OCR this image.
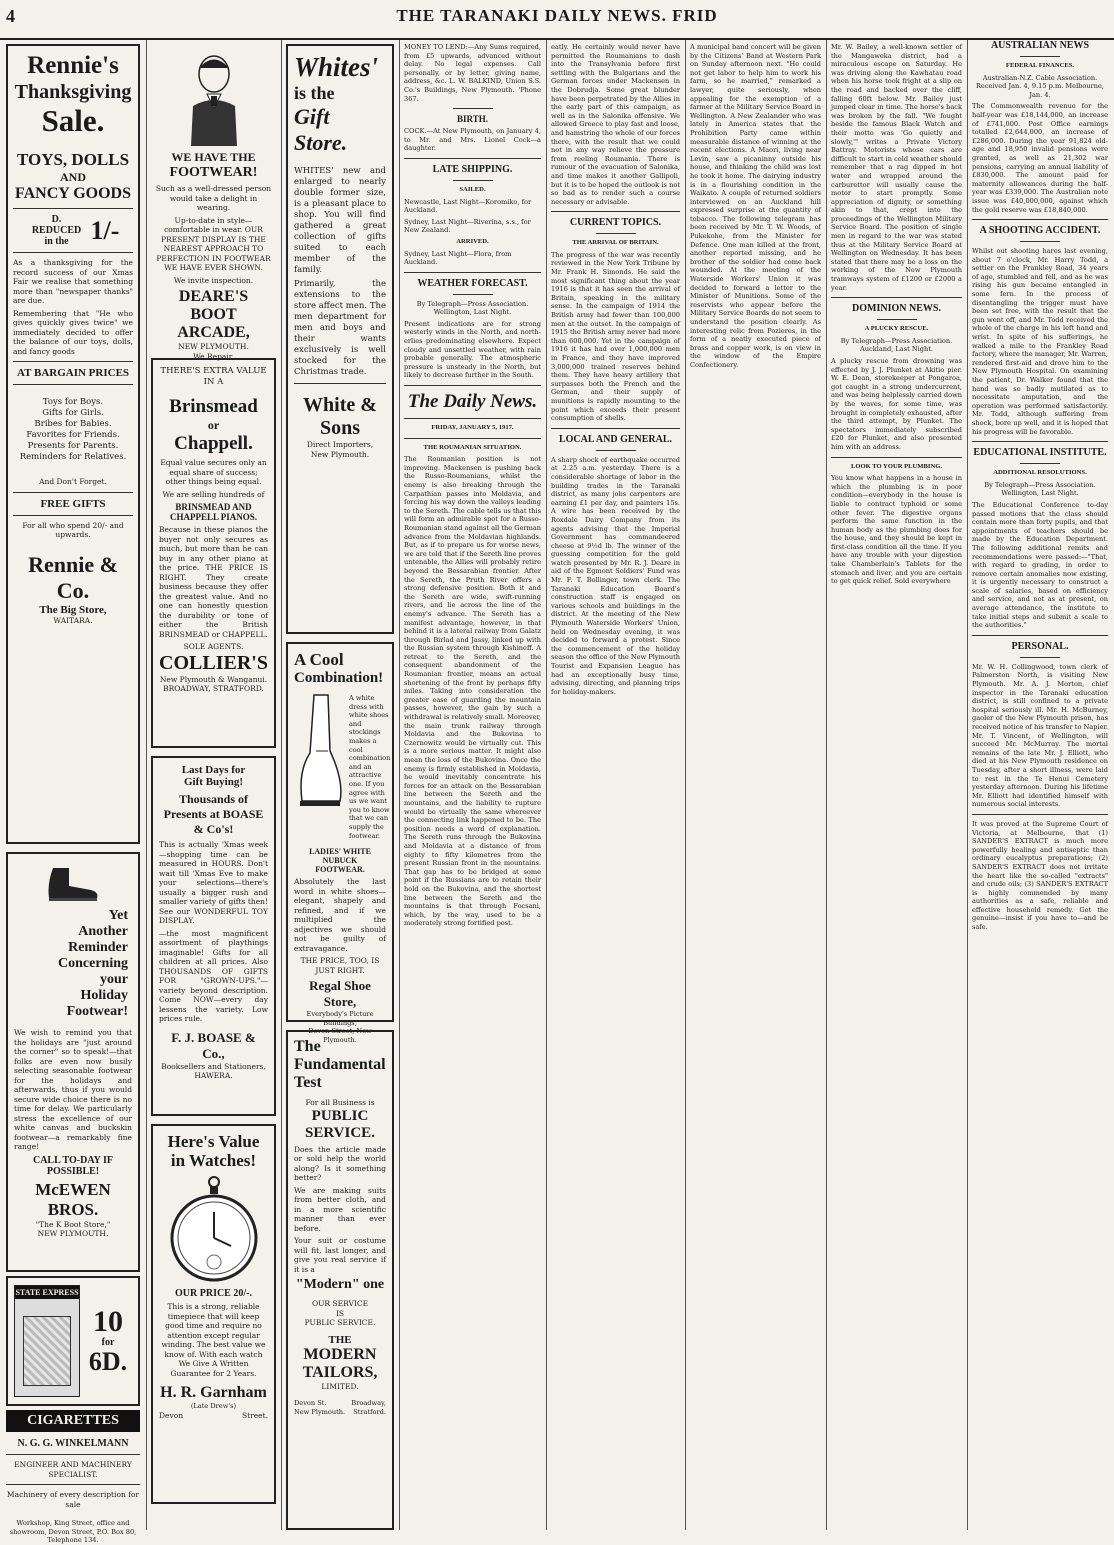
4	THE TARANAKI DAILY NEWS. FRID
Rennie's
Thanksgiving
Sale.
TOYS, DOLLS
AND
FANCY GOODS
D. REDUCED in the 1/-

As a thanksgiving for the record success of our Xmas Fair we realise that something more than "newspaper thanks" are due.

Remembering that "He who gives quickly gives twice" we immediately decided to offer the balance of our toys, dolls, and fancy goods

AT BARGAIN PRICES
Toys for Boys.
Gifts for Girls.
Bribes for Babies.
Favorites for Friends.
Presents for Parents.
Reminders for Relatives.
And Don't Forget.
FREE GIFTS

For all who spend 20/- and upwards.

Rennie & Co.
The Big Store,
WAITARA.
Yet
Another
Reminder
Concerning
your
Holiday
Footwear!

We wish to remind you that the holidays are "just around the corner" so to speak!—that folks are even now busily selecting seasonable footwear for the holidays and afterwards, thus if you would secure wide choice there is no time for delay. We particularly stress the excellence of our white canvas and buckskin footwear—a remarkably fine range!

CALL TO-DAY IF POSSIBLE!

McEWEN BROS.
"The K Boot Store,"
NEW PLYMOUTH.
STATE EXPRESS
10
for
6D.
CIGARETTES
N. G. G. WINKELMANN
ENGINEER AND MACHINERY SPECIALIST.

Machinery of every description for sale

Workshop, King Street, office and showroom, Devon Street, P.O. Box 80, Telephone 134.

WE HAVE THE
FOOTWEAR!

Such as a well-dressed person would take a delight in wearing.

Up-to-date in style—comfortable in wear. OUR PRESENT DISPLAY IS THE NEAREST APPROACH TO PERFECTION IN FOOTWEAR WE HAVE EVER SHOWN.

We invite inspection.

DEARE'S
BOOT
ARCADE,
NEW PLYMOUTH.
We Repair.
THERE'S EXTRA VALUE IN A
Brinsmead
or
Chappell.

Equal value secures only an equal share of success; other things being equal.

We are selling hundreds of

BRINSMEAD AND CHAPPELL PIANOS.

Because in these pianos the buyer not only secures as much, but more than he can buy in any other piano at the price. THE PRICE IS RIGHT. They create business because they offer the greatest value. And no one can honestly question the durability or tone of either the British BRINSMEAD or CHAPPELL.

SOLE AGENTS.
COLLIER'S
New Plymouth & Wanganui.
BROADWAY, STRATFORD.
Last Days for
Gift Buying!
Thousands of Presents at BOASE & Co's!

This is actually 'Xmas week—shopping time can be measured in HOURS. Don't wait till 'Xmas Eve to make your selections—there's usually a bigger rush and smaller variety of gifts then! See our WONDERFUL TOY DISPLAY.

—the most magnificent assortment of playthings imaginable! Gifts for all children at all prices. Also THOUSANDS OF GIFTS FOR "GROWN-UPS."—variety beyond description. Come NOW—every day lessens the variety. Low prices rule.

F. J. BOASE & Co.,
Booksellers and Stationers,
HAWERA.
Here's Value
in Watches!
OUR PRICE 20/-.

This is a strong, reliable timepiece that will keep good time and require no attention except regular winding. The best value we know of. With each watch We Give A Written Guarantee for 2 Years.

H. R. Garnham
(Late Drew's)
Devon	Street.
Whites'
is the
Gift Store.

WHITES' new and enlarged to nearly double former size, is a pleasant place to shop. You will find gathered a great collection of gifts suited to each member of the family.

Primarily, the extensions to the store affect men. The men department for men and boys and their wants exclusively is well stocked for the Christmas trade.

White & Sons
Direct Importers,
New Plymouth.
A Cool
Combination!

A white dress with white shoes and stockings makes a cool combination and an attractive one. If you agree with us we want you to know that we can supply the footwear.

LADIES' WHITE NUBUCK
FOOTWEAR.

Absolutely the last word in white shoes—elegant, shapely and refined, and if we multiplied the adjectives we should not be guilty of extravagance.

THE PRICE, TOO, IS JUST RIGHT.

Regal Shoe Store,
Everybody's Picture Buildings,
Devon Street, New Plymouth.
The
Fundamental
Test
For all Business is
PUBLIC SERVICE.

Does the article made or sold help the world along? Is it something better?

We are making suits from better cloth, and in a more scientific manner than ever before.

Your suit or costume will fit, last longer, and give you real service if it is a

"Modern" one
OUR SERVICE
IS
PUBLIC SERVICE.
THE
MODERN
TAILORS,
LIMITED.
Devon St.	Broadway,
New Plymouth. Stratford.

MONEY TO LEND:—Any Sums required, from £5 upwards, advanced without delay. No legal expenses. Call personally, or by letter, giving name, address, &c. L. W. BALKIND, Union S.S. Co.'s Buildings, New Plymouth. 'Phone 367.

BIRTH.

COCK.—At New Plymouth, on January 4, to Mr. and Mrs. Lionel Cock—a daughter.

LATE SHIPPING.
SAILED.

Newcastle, Last Night—Koromiko, for Auckland.

Sydney, Last Night—Riverina, s.s., for New Zealand.

ARRIVED.

Sydney, Last Night—Flora, from Auckland.

WEATHER FORECAST.

By Telegraph—Press Association. Wellington, Last Night.

Present indications are for strong westerly winds in the North, and north-erlies predominating elsewhere. Expect cloudy and unsettled weather, with rain probable generally. The atmospheric pressure is unsteady in the North, but likely to decrease further in the South.

The Daily News.
FRIDAY, JANUARY 5, 1917.
THE ROUMANIAN SITUATION.

The Roumanian position is not improving. Mackensen is pushing back the Russo-Roumanians, whilst the enemy is also breaking through the Carpathian passes into Moldavia, and forcing his way down the valleys leading to the Sereth. The cable tells us that this will form an admirable spot for a Russo-Roumanian stand against all the German advance from the Moldavian highlands. But, as if to prepare us for worse news, we are told that if the Sereth line proves untenable, the Allies will probably retire beyond the Bessarabian frontier. After the Sereth, the Pruth River offers a strong defensive position. Both it and the Sereth are wide, swift-running rivers, and lie across the line of the enemy's advance. The Sereth has a manifest advantage, however, in that behind it is a lateral railway from Galatz through Birlad and Jassy, linked up with the Russian system through Kishineff. A retreat to the Sereth, and the consequent abandonment of the Roumanian frontier, means an actual shortening of the front by perhaps fifty miles. Taking into consideration the greater ease of guarding the mountain passes, however, the gain by such a withdrawal is relatively small. Moreover, the main trunk railway through Moldavia and the Bukovina to Czernowitz would be virtually cut. This is a more serious matter. It might also mean the loss of the Bukovina. Once the enemy is firmly established in Moldavia, he would inevitably concentrate his forces for an attack on the Bessarabian line between the Sereth and the mountains, and the liability to rupture would be virtually the same whereever the connecting link happened to be. The position needs a word of explanation. The Sereth runs through the Bukovina and Moldavia at a distance of from eighty to fifty kilometres from the present Russian front in the mountains. That gap has to be bridged at some point if the Russians are to retain their hold on the Bukovina, and the shortest line between the Sereth and the mountains is that through Focsani, which, by the way, used to be a moderately strong fortified post.

eatly. He certainly would never have permitted the Roumanians to dash into the Transylvania before first settling with the Bulgarians and the German forces under Mackensen in the Dobrudja. Some great blunder have been perpetrated by the Allies in the early part of this campaign, as well as in the Salonika offensive. We allowed Greece to play fast and loose, and hamstring the whole of our forces there, with the result that we could not in any way relieve the pressure from reeling Roumania. There is rumour of the evacuation of Salonika, and time makes it another Gallipoli, but it is to be hoped the outlook is not so bad as to render such a course necessary or advisable.

CURRENT TOPICS.
THE ARRIVAL OF BRITAIN.

The progress of the war was recently reviewed in the New York Tribune by Mr. Frank H. Simonds. He said the most significant thing about the year 1916 is that it has seen the arrival of Britain, speaking in the military sense. In the campaign of 1914 the British army had fewer than 100,000 men at the outset. In the campaign of 1915 the British army never had more than 600,000. Yet in the campaign of 1916 it has had over 1,000,000 men in France, and they have improved 3,000,000 trained reserves behind them. They have heavy artillery that surpasses both the French and the German, and their supply of munitions is rapidly mounting to the point which exceeds their present consumption of shells.

LOCAL AND GENERAL.

A sharp shock of earthquake occurred at 2.25 a.m. yesterday. There is a considerable shortage of labor in the building trades in the Taranaki district, as many jobs carpenters are earning £1 per day, and painters 15s. A wire has been received by the Roxdale Dairy Company from its agents advising that the Imperial Government has commandeered cheese at 9½d lb. The winner of the guessing competition for the gold watch presented by Mr. R. J. Deare in aid of the Egmont Soldiers' Fund was Mr. F. T. Bollinger, town clerk. The Taranaki Education Board's construction staff is engaged on various schools and buildings in the district. At the meeting of the New Plymouth Waterside Workers' Union, held on Wednesday evening, it was decided to forward a protest. Since the commencement of the holiday season the office of the New Plymouth Tourist and Expansion League has had an exceptionally busy time, advising, directing, and planning trips for holiday-makers.

A municipal band concert will be given by the Citizens' Band at Western Park on Sunday afternoon next. "He could not get labor to help him to work his farm, so he married," remarked a lawyer, quite seriously, when appealing for the exemption of a farmer at the Military Service Board in Wellington. A New Zealander who was lately in America states that the Prohibition Party came within measurable distance of winning at the recent elections. A Maori, living near Levin, saw a picaninny outside his house, and thinking the child was lost he took it home. The dairying industry is in a flourishing condition in the Waikato. A couple of returned soldiers interviewed on an Auckland hill expressed surprise at the quantity of tobacco. The following telegram has been received by Mr. T. W. Woods, of Pukekohe, from the Minister for Defence. One man killed at the front, another reported missing, and he brother of the soldier had come back wounded. At the meeting of the Waterside Workers' Union it was decided to forward a letter to the Minister of Munitions. Some of the reservists who appear before the Military Service Boards do not seem to understand the position clearly. As interesting relic from Pozieres, in the form of a neatly executed piece of brass and copper work, is on view in the window of the Empire Confectionery.

Mr. W. Bailey, a well-known settler of the Mangaweka district, had a miraculous escape on Saturday. He was driving along the Kawhatau road when his horse took fright at a slip on the road and backed over the cliff, falling 60ft below. Mr. Bailey just jumped clear in time. The horse's back was broken by the fall. "We fought beside the famous Black Watch and their motto was 'Go quietly and slowly,'" writes a Private Victory Battray. Motorists whose cars are difficult to start in cold weather should remember that a rag dipped in hot water and wrapped around the carburettor will usually cause the motor to start promptly. Some appreciation of dignity, or something akin to that, crept into the proceedings of the Wellington Military Service Board. The position of single men in regard to the war was stated thus at the Military Service Board at Wellington on Wednesday. It has been stated that there may be a loss on the working of the New Plymouth tramways system of £1200 or £2000 a year.

DOMINION NEWS.
A PLUCKY RESCUE.

By Telegraph—Press Association. Auckland, Last Night.

A plucky rescue from drowning was effected by J. J. Plunket at Akitio pier. W. E. Dean, storekeeper at Pongaroa, got caught in a strong undercurrent, and was being helplessly carried down by the waves, for some time, was brought in completely exhausted, after the third attempt, by Plunket. The spectators immediately subscribed £20 for Plunket, and also presented him with an address.

LOOK TO YOUR PLUMBING.

You know what happens in a house in which the plumbing is in poor condition—everybody in the house is liable to contract typhoid or some other fever. The digestive organs perform the same function in the human body as the plumbing does for the house, and they should be kept in first-class condition all the time. If you have any trouble with your digestion take Chamberlain's Tablets for the stomach and liver, and you are certain to get quick relief. Sold everywhere

AUSTRALIAN NEWS
FEDERAL FINANCES.

Australian-N.Z. Cable Association. Received Jan. 4, 9.15 p.m. Melbourne, Jan. 4.

The Commonwealth revenue for the half-year was £18,144,000, an increase of £741,000. Post Office earnings totalled £2,644,000, an increase of £286,000. During the year 91,824 old-age and 18,950 invalid pensions were granted, as well as 21,302 war pensions, carrying an annual liability of £830,000. The amount paid for maternity allowances during the half-year was £339,000. The Australian note issue was £40,000,000, against which the gold reserve was £18,840,000.

A SHOOTING ACCIDENT.

Whilst out shooting hares last evening, about 7 o'clock, Mr. Harry Todd, a settler on the Frankley Road, 34 years of age, stumbled and fell, and as he was rising his gun became entangled in some fern. In the process of disentangling the trigger must have been set free, with the result that the gun went off, and Mr. Todd received the whole of the charge in his left hand and wrist. In spite of his sufferings, he walked a mile to the Frankley Road factory, where the manager, Mr. Warren, rendered first-aid and drove him to the New Plymouth Hospital. On examining the patient, Dr. Walker found that the hand was so badly mutilated as to necessitate amputation, and the operation was performed satisfactorily. Mr. Todd, although suffering from shock, bore up well, and it is hoped that his progress will be favorable.

EDUCATIONAL INSTITUTE.
ADDITIONAL RESOLUTIONS.

By Telegraph—Press Association. Wellington, Last Night.

The Educational Conference to-day passed motions that the class should contain more than forty pupils, and that appointments of teachers should be made by the Education Department. The following additional remits and recommendations were passed:—"That, with regard to grading, in order to remove certain anomalies now existing, it is urgently necessary to construct a scale of salaries, based on efficiency and service, and not as at present, on average attendance, the institute to take initial steps and submit a scale to the authorities."

PERSONAL.

Mr. W. H. Collingwood, town clerk of Palmerston North, is visiting New Plymouth. Mr. A. J. Morton, chief inspector in the Taranaki education district, is still confined to a private hospital seriously ill. Mr. H. McBurney, gaoler of the New Plymouth prison, has received notice of his transfer to Napier. Mr. T. Vincent, of Wellington, will succeed Mr. McMurray. The mortal remains of the late Mr. J. Elliott, who died at his New Plymouth residence on Tuesday, after a short illness, were laid to rest in the Te Henui Cemetery yesterday afternoon. During his lifetime Mr. Elliott had identified himself with numerous social interests.

It was proved at the Supreme Court of Victoria, at Melbourne, that (1) SANDER'S EXTRACT is much more powerfully healing and antiseptic than ordinary eucalyptus preparations; (2) SANDER'S EXTRACT does not irritate the heart like the so-called "extracts" and crude oils; (3) SANDER'S EXTRACT is highly commended by many authorities as a safe, reliable and effective household remedy. Get the genuine—insist if you have to—and be safe.
